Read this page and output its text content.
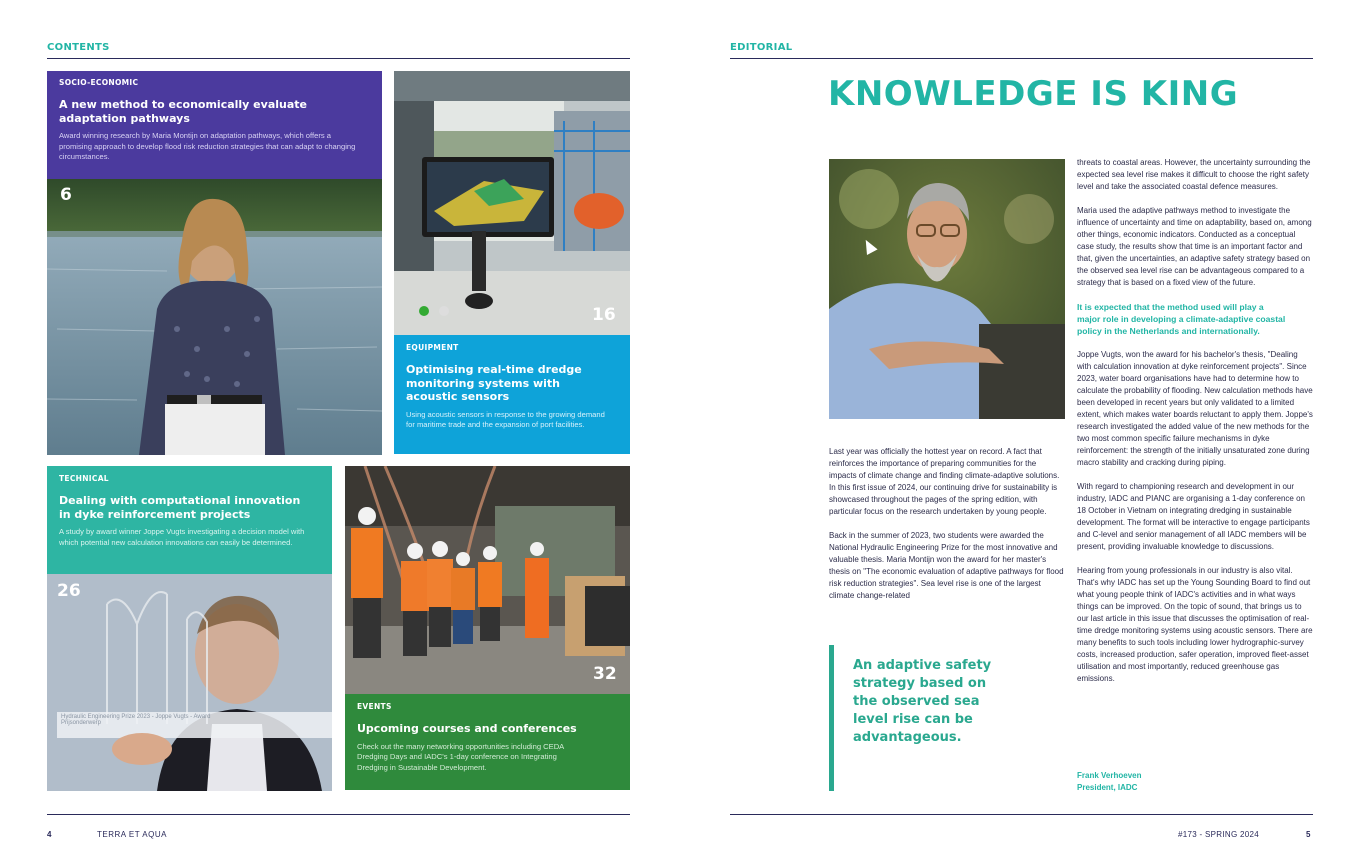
CONTENTS
SOCIO-ECONOMIC
A new method to economically evaluate adaptation pathways
Award winning research by Maria Montijn on adaptation pathways, which offers a promising approach to develop flood risk reduction strategies that can adapt to changing circumstances.
6
16
EQUIPMENT
Optimising real-time dredge monitoring systems with acoustic sensors
Using acoustic sensors in response to the growing demand for maritime trade and the expansion of port facilities.
TECHNICAL
Dealing with computational innovation in dyke reinforcement projects
A study by award winner Joppe Vugts investigating a decision model with which potential new calculation innovations can easily be determined.
Hydraulic Engineering Prize 2023 - Joppe Vugts - Award Prijsonderwerp
26
32
EVENTS
Upcoming courses and conferences
Check out the many networking opportunities including CEDA Dredging Days and IADC's 1-day conference on Integrating Dredging in Sustainable Development.
4	TERRA ET AQUA
EDITORIAL
KNOWLEDGE IS KING

Last year was officially the hottest year on record. A fact that reinforces the importance of preparing communities for the impacts of climate change and finding climate-adaptive solutions. In this first issue of 2024, our continuing drive for sustainability is showcased throughout the pages of the spring edition, with particular focus on the research undertaken by young people.

Back in the summer of 2023, two students were awarded the National Hydraulic Engineering Prize for the most innovative and valuable thesis. Maria Montijn won the award for her master's thesis on "The economic evaluation of adaptive pathways for flood risk reduction strategies". Sea level rise is one of the largest climate change-related

An adaptive safety strategy based on the observed sea level rise can be advantageous.

threats to coastal areas. However, the uncertainty surrounding the expected sea level rise makes it difficult to choose the right safety level and take the associated coastal defence measures.

Maria used the adaptive pathways method to investigate the influence of uncertainty and time on adaptability, based on, among other things, economic indicators. Conducted as a conceptual case study, the results show that time is an important factor and that, given the uncertainties, an adaptive safety strategy based on the observed sea level rise can be advantageous compared to a strategy that is based on a fixed view of the future.

It is expected that the method used will play a major role in developing a climate-adaptive coastal policy in the Netherlands and internationally.

Joppe Vugts, won the award for his bachelor's thesis, "Dealing with calculation innovation at dyke reinforcement projects". Since 2023, water board organisations have had to determine how to calculate the probability of flooding. New calculation methods have been developed in recent years but only validated to a limited extent, which makes water boards reluctant to apply them. Joppe's research investigated the added value of the new methods for the two most common specific failure mechanisms in dyke reinforcement: the strength of the initially unsaturated zone during macro stability and cracking during piping.

With regard to championing research and development in our industry, IADC and PIANC are organising a 1-day conference on 18 October in Vietnam on integrating dredging in sustainable development. The format will be interactive to engage participants and C-level and senior management of all IADC members will be present, providing invaluable knowledge to discussions.

Hearing from young professionals in our industry is also vital. That's why IADC has set up the Young Sounding Board to find out what young people think of IADC's activities and in what ways things can be improved. On the topic of sound, that brings us to our last article in this issue that discusses the optimisation of real-time dredge monitoring systems using acoustic sensors. There are many benefits to such tools including lower hydrographic-survey costs, increased production, safer operation, improved fleet-asset utilisation and most importantly, reduced greenhouse gas emissions.

Frank Verhoeven
President, IADC
#173 - SPRING 2024	5
